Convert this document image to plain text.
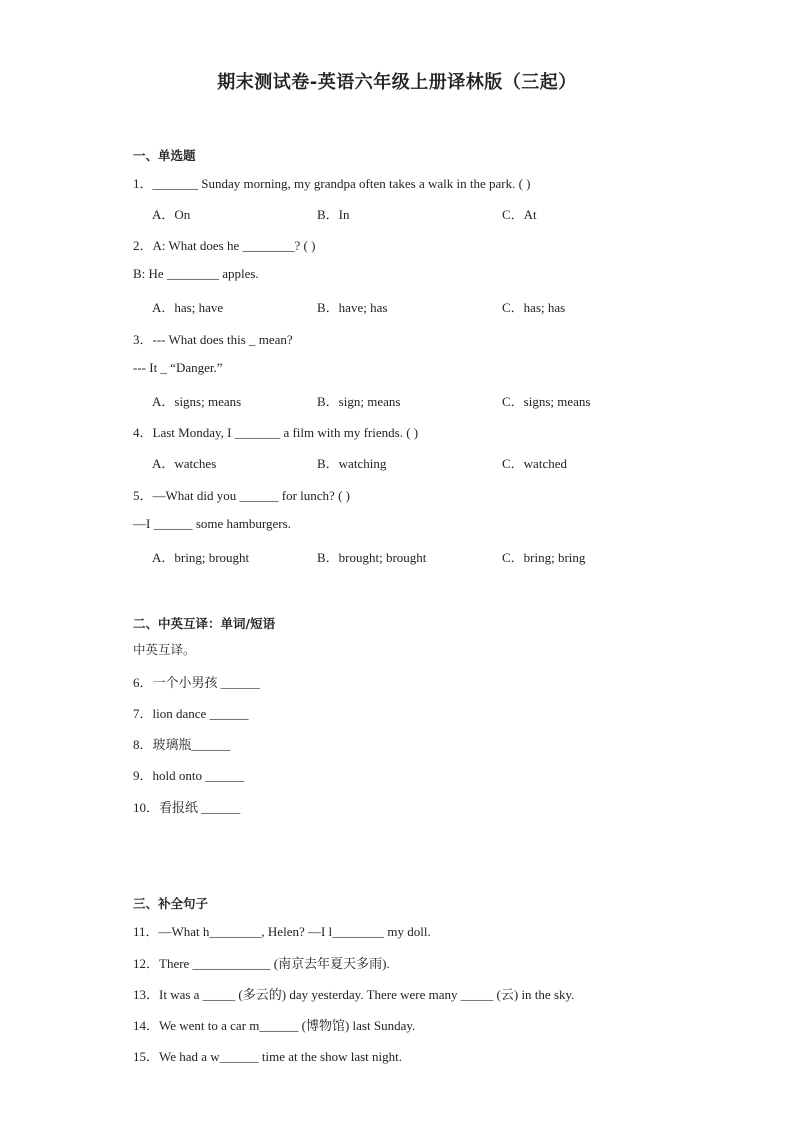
期末测试卷-英语六年级上册译林版（三起）
一、单选题
1．_______ Sunday morning, my grandpa often takes a walk in the park. ( )
A．On	B．In	C．At
2．A: What does he ________? ( )
B: He ________ apples.
A．has; have	B．have; has	C．has; has
3．--- What does this _ mean?
--- It _ “Danger.”
A．signs; means	B．sign; means	C．signs; means
4．Last Monday, I _______ a film with my friends. ( )
A．watches	B．watching	C．watched
5．—What did you ______ for lunch? ( )
—I ______ some hamburgers.
A．bring; brought	B．brought; brought	C．bring; bring
二、中英互译：单词/短语
中英互译。
6．一个小男孩 ______
7．lion dance ______
8．玻璃瓶______
9．hold onto ______
10．看报纸 ______
三、补全句子
11．—What h________, Helen? —I l________ my doll.
12．There ____________ (南京去年夏天多雨).
13．It was a _____ (多云的) day yesterday. There were many _____ (云) in the sky.
14．We went to a car m______ (博物馆) last Sunday.
15．We had a w______ time at the show last night.
